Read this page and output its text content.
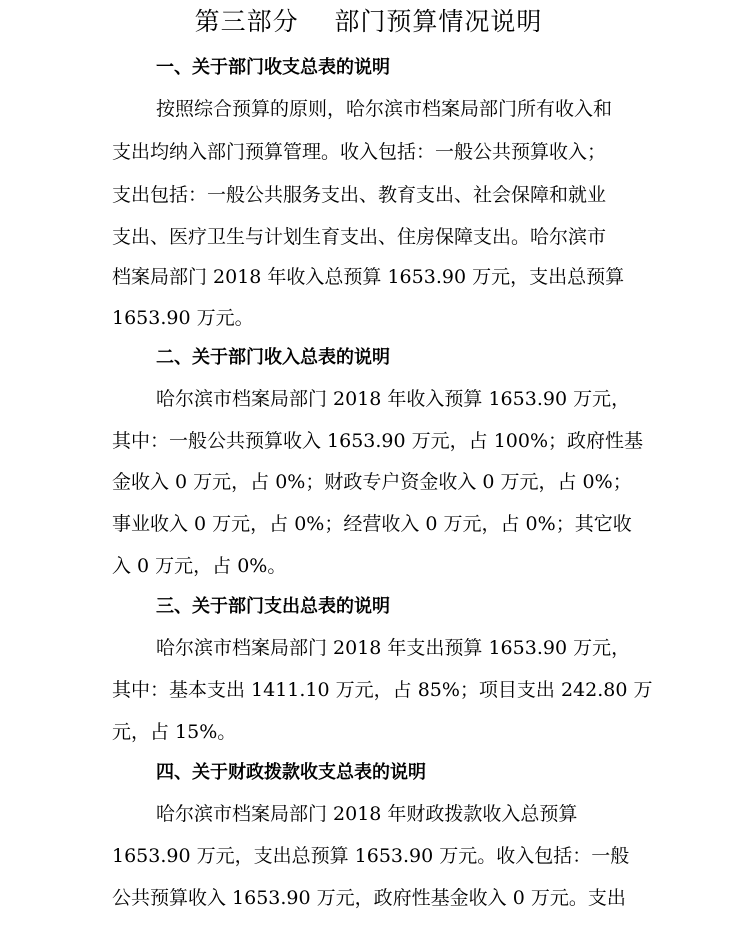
第三部分    部门预算情况说明
一、关于部门收支总表的说明
按照综合预算的原则，哈尔滨市档案局部门所有收入和
支出均纳入部门预算管理。收入包括：一般公共预算收入；
支出包括：一般公共服务支出、教育支出、社会保障和就业
支出、医疗卫生与计划生育支出、住房保障支出。哈尔滨市
档案局部门 2018 年收入总预算 1653.90 万元，支出总预算
1653.90 万元。
二、关于部门收入总表的说明
哈尔滨市档案局部门 2018 年收入预算 1653.90 万元，
其中：一般公共预算收入 1653.90 万元，占 100%；政府性基
金收入 0 万元，占 0%；财政专户资金收入 0 万元，占 0%；
事业收入 0 万元，占 0%；经营收入 0 万元，占 0%；其它收
入 0 万元，占 0%。
三、关于部门支出总表的说明
哈尔滨市档案局部门 2018 年支出预算 1653.90 万元，
其中：基本支出 1411.10 万元，占 85%；项目支出 242.80 万
元，占 15%。
四、关于财政拨款收支总表的说明
哈尔滨市档案局部门 2018 年财政拨款收入总预算
1653.90 万元，支出总预算 1653.90 万元。收入包括：一般
公共预算收入 1653.90 万元，政府性基金收入 0 万元。支出
